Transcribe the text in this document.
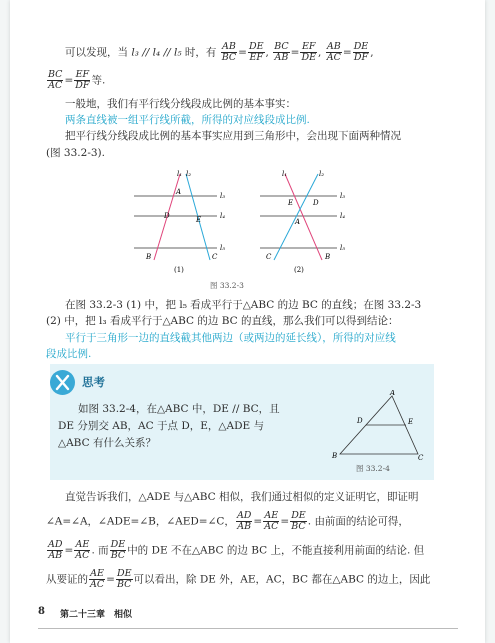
可以发现，当 l₃ // l₄ // l₅ 时，有 $\frac{AB}{BC} = \frac{DE}{EF}$ , $\frac{BC}{AB} = \frac{EF}{DE}$ , $\frac{AB}{AC} = \frac{DE}{DF}$ ,
$\frac{BC}{AC} = \frac{EF}{DF}$ 等.
一般地，我们有平行线分线段成比例的基本事实：
两条直线被一组平行线所截，所得的对应线段成比例.
把平行线分线段成比例的基本事实应用到三角形中，会出现下面两种情况
(图 33.2-3).
l₁ l₂
l₃
l₄
l₅
A
D	E
B	C
(1)
l₁	l₂
l₃
l₄
l₅
E	D
A
C	B
(2)
图 33.2-3
在图 33.2-3 (1) 中，把 l₅ 看成平行于△ABC 的边 BC 的直线；在图 33.2-3
(2) 中，把 l₃ 看成平行于△ABC 的边 BC 的直线，那么我们可以得到结论：
平行于三角形一边的直线截其他两边（或两边的延长线），所得的对应线
段成比例.
思考
如图 33.2-4，在△ABC 中，DE // BC，且
DE 分别交 AB，AC 于点 D，E，△ADE 与
△ABC 有什么关系？
A
D	E
B	C
图 33.2-4
直觉告诉我们，△ADE 与△ABC 相似，我们通过相似的定义证明它，即证明
∠A=∠A，∠ADE=∠B，∠AED=∠C， $\frac{AD}{AB} = \frac{AE}{AC} = \frac{DE}{BC}$ . 由前面的结论可得，
$\frac{AD}{AB} = \frac{AE}{AC}$ . 而 $\frac{DE}{BC}$ 中的 DE 不在△ABC 的边 BC 上，不能直接利用前面的结论. 但
从要证的 $\frac{AE}{AC} = \frac{DE}{BC}$ 可以看出，除 DE 外，AE，AC，BC 都在△ABC 的边上，因此
8 第二十三章　相似
